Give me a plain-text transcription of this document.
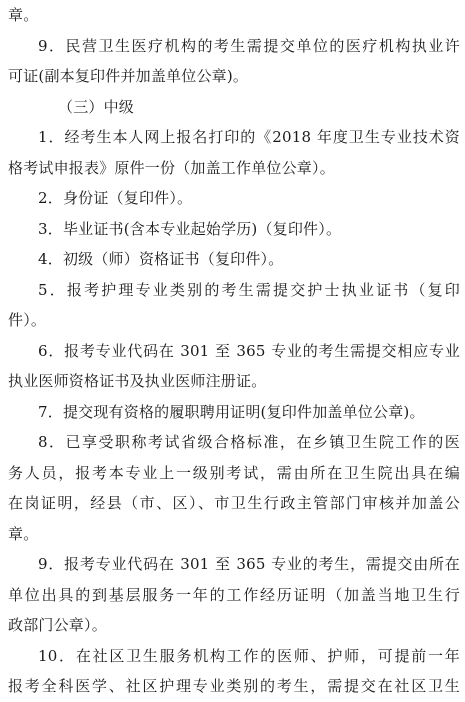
章。
9．民营卫生医疗机构的考生需提交单位的医疗机构执业许
可证(副本复印件并加盖单位公章)。
（三）中级
1．经考生本人网上报名打印的《2018 年度卫生专业技术资
格考试申报表》原件一份（加盖工作单位公章）。
2．身份证（复印件）。
3．毕业证书(含本专业起始学历)（复印件）。
4．初级（师）资格证书（复印件）。
5．报考护理专业类别的考生需提交护士执业证书（复印
件）。
6．报考专业代码在 301 至 365 专业的考生需提交相应专业
执业医师资格证书及执业医师注册证。
7．提交现有资格的履职聘用证明(复印件加盖单位公章)。
8．已享受职称考试省级合格标准，在乡镇卫生院工作的医
务人员，报考本专业上一级别考试，需由所在卫生院出具在编
在岗证明，经县（市、区）、市卫生行政主管部门审核并加盖公
章。
9．报考专业代码在 301 至 365 专业的考生，需提交由所在
单位出具的到基层服务一年的工作经历证明（加盖当地卫生行
政部门公章）。
10．在社区卫生服务机构工作的医师、护师，可提前一年
报考全科医学、社区护理专业类别的考生，需提交在社区卫生
